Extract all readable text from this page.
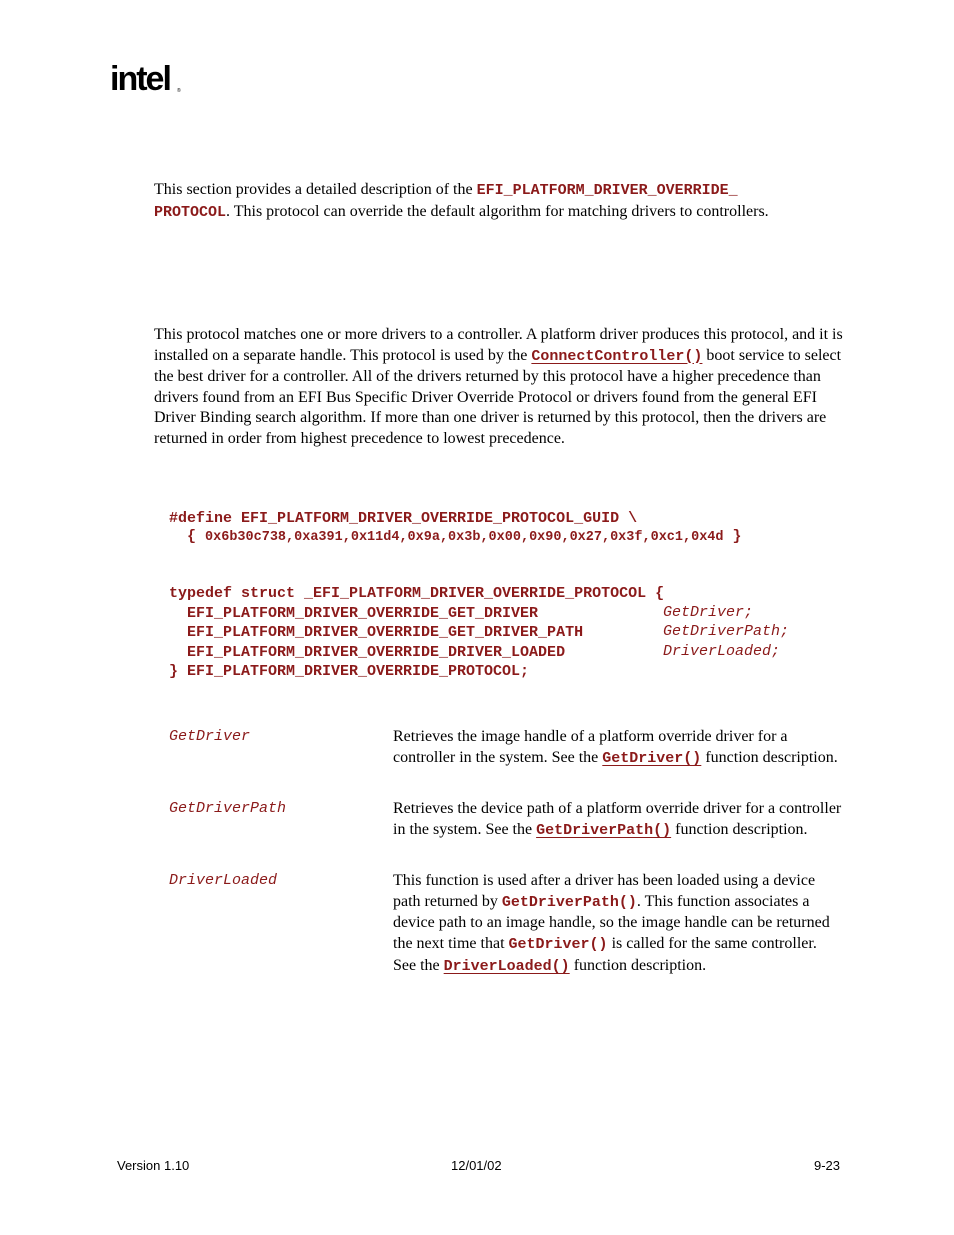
intel ®
This section provides a detailed description of the EFI_PLATFORM_DRIVER_OVERRIDE_
PROTOCOL. This protocol can override the default algorithm for matching drivers to controllers.
This protocol matches one or more drivers to a controller. A platform driver produces this protocol, and it is installed on a separate handle. This protocol is used by the ConnectController() boot service to select the best driver for a controller. All of the drivers returned by this protocol have a higher precedence than drivers found from an EFI Bus Specific Driver Override Protocol or drivers found from the general EFI Driver Binding search algorithm. If more than one driver is returned by this protocol, then the drivers are returned in order from highest precedence to lowest precedence.
#define EFI_PLATFORM_DRIVER_OVERRIDE_PROTOCOL_GUID \
{ 0x6b30c738,0xa391,0x11d4,0x9a,0x3b,0x00,0x90,0x27,0x3f,0xc1,0x4d }
typedef struct _EFI_PLATFORM_DRIVER_OVERRIDE_PROTOCOL {
EFI_PLATFORM_DRIVER_OVERRIDE_GET_DRIVER	GetDriver;
EFI_PLATFORM_DRIVER_OVERRIDE_GET_DRIVER_PATH	GetDriverPath;
EFI_PLATFORM_DRIVER_OVERRIDE_DRIVER_LOADED	DriverLoaded;
} EFI_PLATFORM_DRIVER_OVERRIDE_PROTOCOL;
GetDriver	Retrieves the image handle of a platform override driver for a controller in the system. See the GetDriver() function description.
GetDriverPath	Retrieves the device path of a platform override driver for a controller in the system. See the GetDriverPath() function description.
DriverLoaded	This function is used after a driver has been loaded using a device path returned by GetDriverPath(). This function associates a device path to an image handle, so the image handle can be returned the next time that GetDriver() is called for the same controller. See the DriverLoaded() function description.
Version 1.10	12/01/02	9-23
